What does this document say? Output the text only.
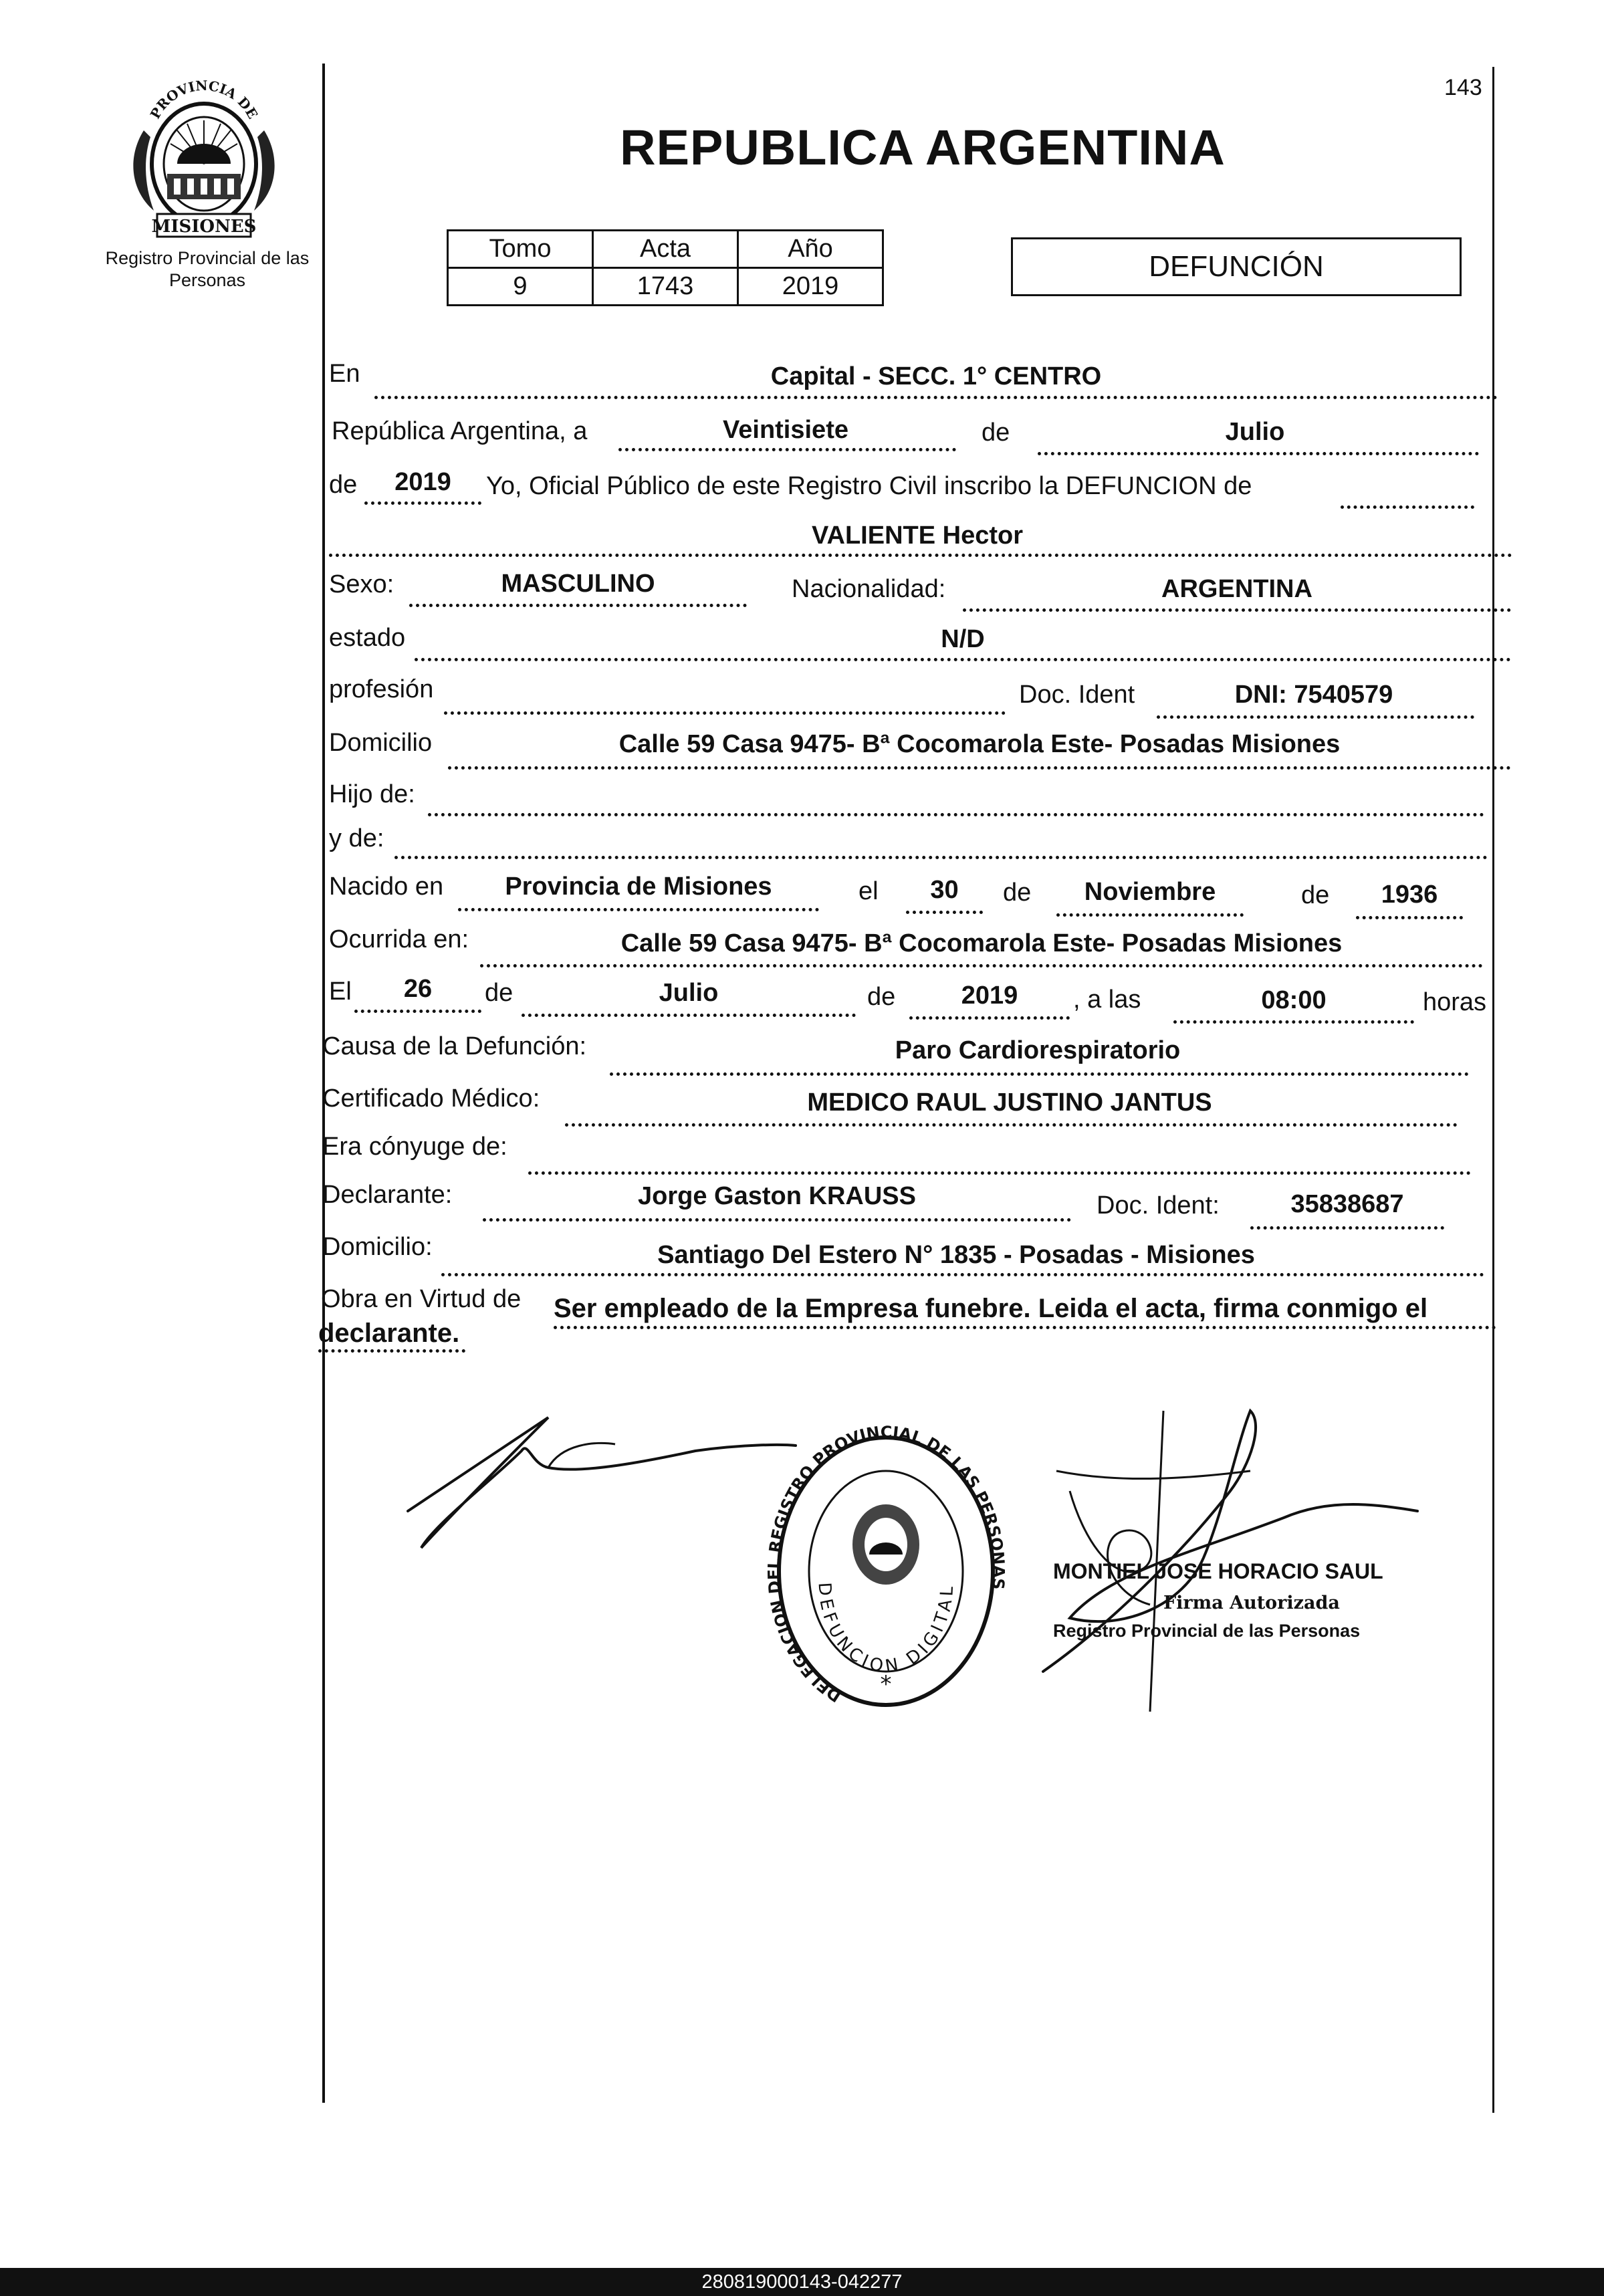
PROVINCIA DE
MISIONES
Registro Provincial de las Personas
143
REPUBLICA ARGENTINA
Tomo	Acta	Año
9	1743	2019
DEFUNCIÓN
En	Capital - SECC. 1° CENTRO
República Argentina, a	Veintisiete	de	Julio
de	2019	Yo, Oficial Público de este Registro Civil inscribo la DEFUNCION de
VALIENTE Hector
Sexo:	MASCULINO	Nacionalidad:	ARGENTINA
estado	N/D
profesión	Doc. Ident	DNI: 7540579
Domicilio	Calle 59 Casa 9475- Bª Cocomarola Este- Posadas Misiones
Hijo de:
y de:
Nacido en	Provincia de Misiones	el	30	de	Noviembre	de	1936
Ocurrida en:	Calle 59 Casa 9475- Bª Cocomarola Este- Posadas Misiones
El	26	de	Julio	de	2019	, a las	08:00	horas
Causa de la Defunción:	Paro Cardiorespiratorio
Certificado Médico:	MEDICO RAUL JUSTINO JANTUS
Era cónyuge de:
Declarante:	Jorge Gaston KRAUSS	Doc. Ident:	35838687
Domicilio:	Santiago Del Estero N° 1835 - Posadas - Misiones
Obra en Virtud de Ser empleado de la Empresa funebre. Leida el acta, firma conmigo el
declarante.
DELEGACION DEL REGISTRO PROVINCIAL DE LAS PERSONAS
DEFUNCION DIGITAL
*
MONTIEL JOSE HORACIO SAUL
Firma Autorizada
Registro Provincial de las Personas
280819000143-042277
